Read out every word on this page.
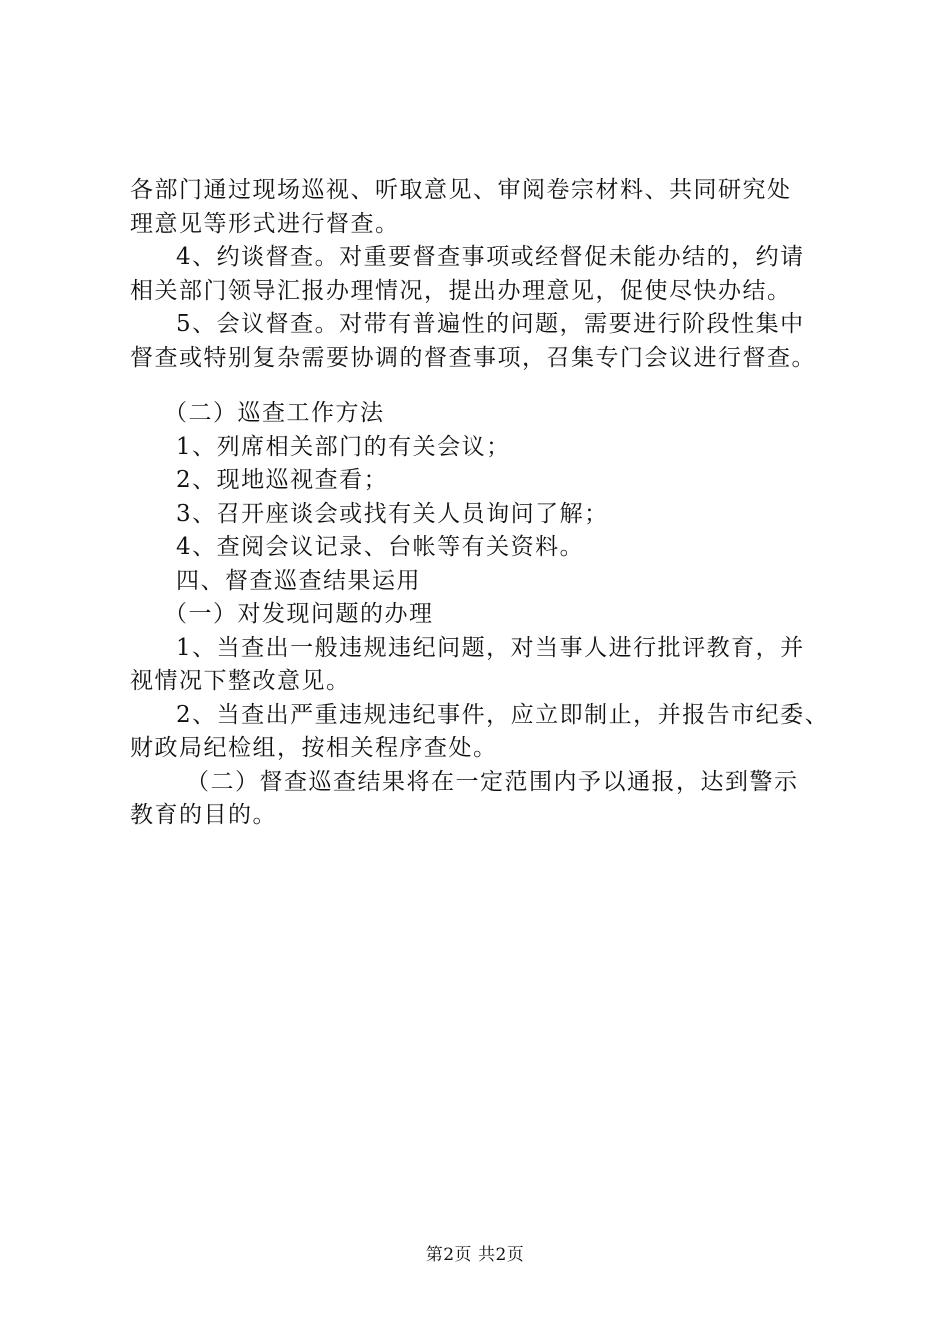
各部门通过现场巡视、听取意见、审阅卷宗材料、共同研究处

理意见等形式进行督查。

4、约谈督查。对重要督查事项或经督促未能办结的，约请

相关部门领导汇报办理情况，提出办理意见，促使尽快办结。

5、会议督查。对带有普遍性的问题，需要进行阶段性集中

督查或特别复杂需要协调的督查事项，召集专门会议进行督查。

（二）巡查工作方法

1、列席相关部门的有关会议；

2、现地巡视查看；

3、召开座谈会或找有关人员询问了解；

4、查阅会议记录、台帐等有关资料。

四、督查巡查结果运用

（一）对发现问题的办理

1、当查出一般违规违纪问题，对当事人进行批评教育，并

视情况下整改意见。

2、当查出严重违规违纪事件，应立即制止，并报告市纪委、

财政局纪检组，按相关程序查处。

（二）督查巡查结果将在一定范围内予以通报，达到警示

教育的目的。

第2页 共2页
